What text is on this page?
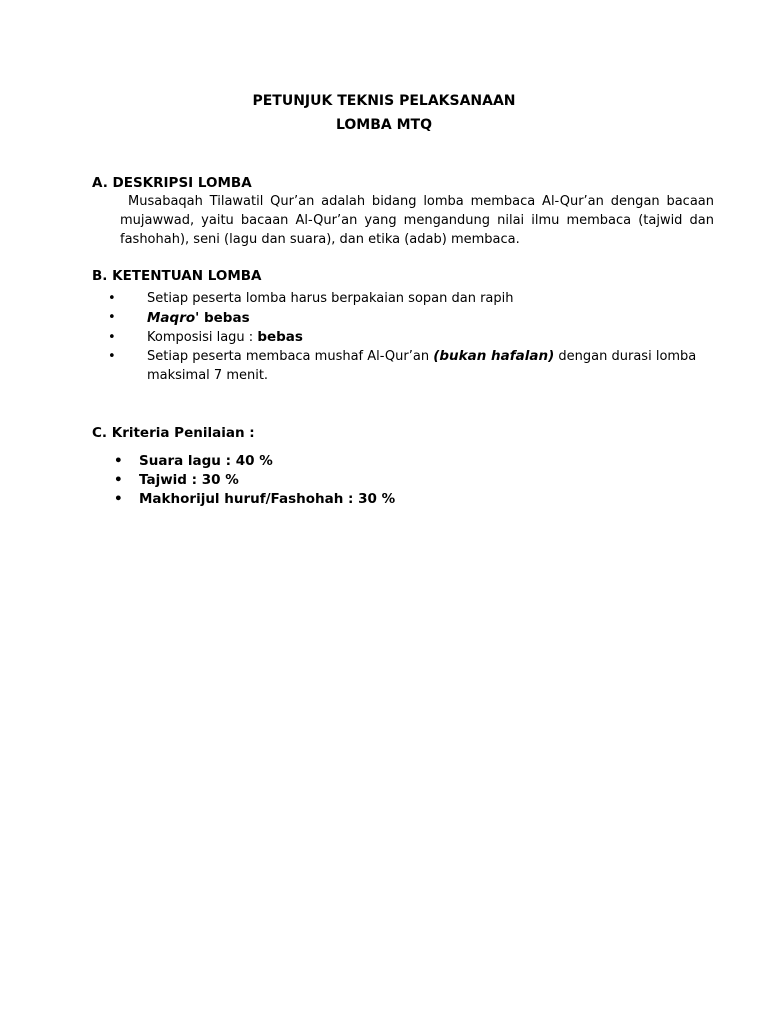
PETUNJUK TEKNIS PELAKSANAAN
LOMBA MTQ
A. DESKRIPSI LOMBA
Musabaqah Tilawatil Qur’an adalah bidang lomba membaca Al-Qur’an dengan bacaan mujawwad, yaitu bacaan Al-Qur’an yang mengandung nilai ilmu membaca (tajwid dan fashohah), seni (lagu dan suara), dan etika (adab) membaca.
B. KETENTUAN LOMBA
• Setiap peserta lomba harus berpakaian sopan dan rapih
• Maqro' bebas
• Komposisi lagu : bebas
• Setiap peserta membaca mushaf Al-Qur’an (bukan hafalan) dengan durasi lomba maksimal 7 menit.
C. Kriteria Penilaian :
• Suara lagu : 40 %
• Tajwid : 30 %
• Makhorijul huruf/Fashohah : 30 %
